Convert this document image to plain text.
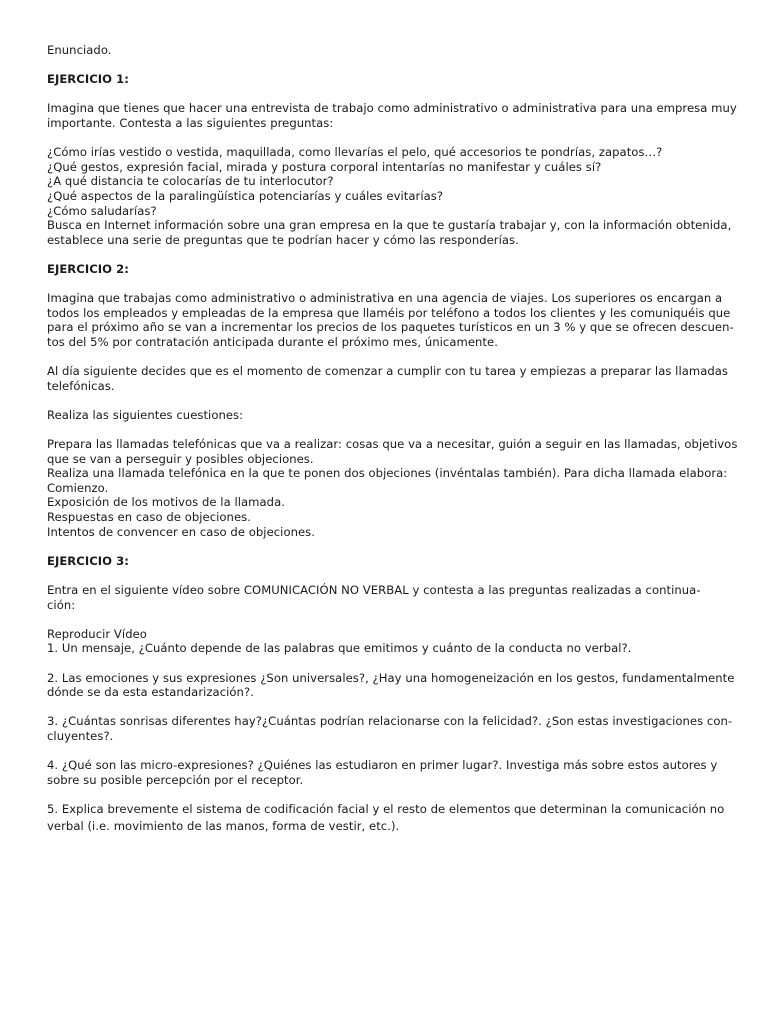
Enunciado.
EJERCICIO 1:
Imagina que tienes que hacer una entrevista de trabajo como administrativo o administrativa para una empresa muy
importante. Contesta a las siguientes preguntas:
¿Cómo irías vestido o vestida, maquillada, como llevarías el pelo, qué accesorios te pondrías, zapatos…?
¿Qué gestos, expresión facial, mirada y postura corporal intentarías no manifestar y cuáles sí?
¿A qué distancia te colocarías de tu interlocutor?
¿Qué aspectos de la paralingüística potenciarías y cuáles evitarías?
¿Cómo saludarías?
Busca en Internet información sobre una gran empresa en la que te gustaría trabajar y, con la información obtenida,
establece una serie de preguntas que te podrían hacer y cómo las responderías.
EJERCICIO 2:
Imagina que trabajas como administrativo o administrativa en una agencia de viajes. Los superiores os encargan a
todos los empleados y empleadas de la empresa que llaméis por teléfono a todos los clientes y les comuniquéis que
para el próximo año se van a incrementar los precios de los paquetes turísticos en un 3 % y que se ofrecen descuen-
tos del 5% por contratación anticipada durante el próximo mes, únicamente.
Al día siguiente decides que es el momento de comenzar a cumplir con tu tarea y empiezas a preparar las llamadas
telefónicas.
Realiza las siguientes cuestiones:
Prepara las llamadas telefónicas que va a realizar: cosas que va a necesitar, guión a seguir en las llamadas, objetivos
que se van a perseguir y posibles objeciones.
Realiza una llamada telefónica en la que te ponen dos objeciones (invéntalas también). Para dicha llamada elabora:
Comienzo.
Exposición de los motivos de la llamada.
Respuestas en caso de objeciones.
Intentos de convencer en caso de objeciones.
EJERCICIO 3:
Entra en el siguiente vídeo sobre COMUNICACIÓN NO VERBAL y contesta a las preguntas realizadas a continua-
ción:
Reproducir Vídeo
1. Un mensaje, ¿Cuánto depende de las palabras que emitimos y cuánto de la conducta no verbal?.
2. Las emociones y sus expresiones ¿Son universales?, ¿Hay una homogeneización en los gestos, fundamentalmente
dónde se da esta estandarización?.
3. ¿Cuántas sonrisas diferentes hay?¿Cuántas podrían relacionarse con la felicidad?. ¿Son estas investigaciones con-
cluyentes?.
4. ¿Qué son las micro-expresiones? ¿Quiénes las estudiaron en primer lugar?. Investiga más sobre estos autores y
sobre su posible percepción por el receptor.
5. Explica brevemente el sistema de codificación facial y el resto de elementos que determinan la comunicación no
verbal (i.e. movimiento de las manos, forma de vestir, etc.).
